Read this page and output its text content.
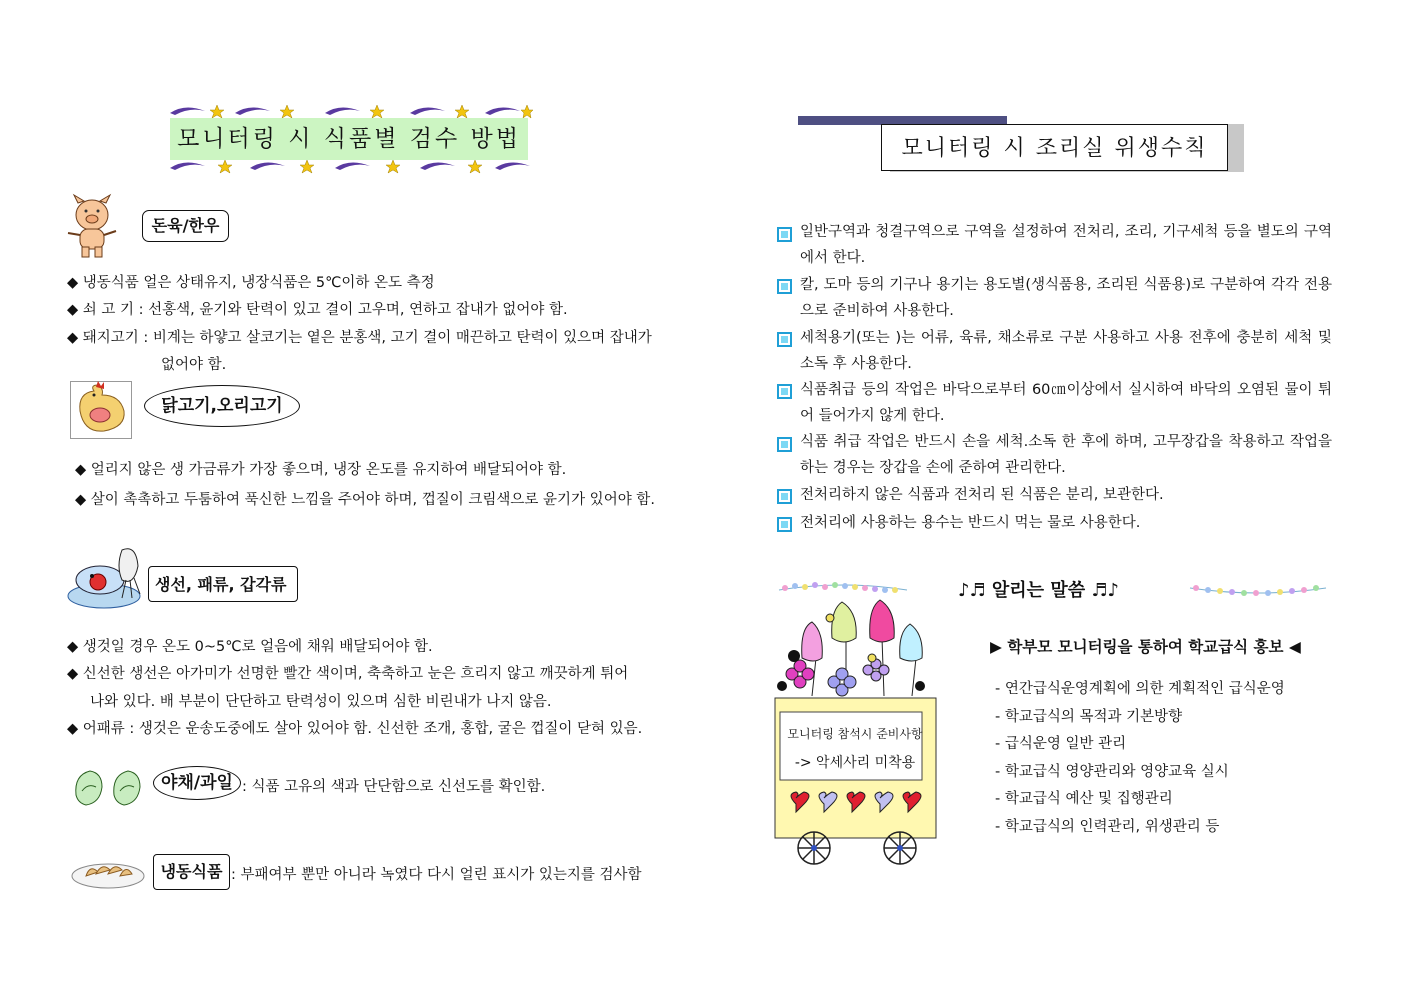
모니터링 시 식품별 검수 방법
돈육/한우
◆ 냉동식품 얼은 상태유지, 냉장식품은 5℃이하 온도 측정
◆ 쇠 고 기 : 선홍색, 윤기와 탄력이 있고 결이 고우며, 연하고 잡내가 없어야 함.
◆ 돼지고기 : 비계는 하얗고 살코기는 옅은 분홍색, 고기 결이 매끈하고 탄력이 있으며 잡내가
없어야 함.
닭고기,오리고기
◆ 얼리지 않은 생 가금류가 가장 좋으며, 냉장 온도를 유지하여 배달되어야 함.
◆ 살이 촉촉하고 두툼하여 푹신한 느낌을 주어야 하며, 껍질이 크림색으로 윤기가 있어야 함.
생선, 패류, 갑각류
◆ 생것일 경우 온도 0~5℃로 얼음에 채워 배달되어야 함.
◆ 신선한 생선은 아가미가 선명한 빨간 색이며, 축축하고 눈은 흐리지 않고 깨끗하게 튀어
나와 있다. 배 부분이 단단하고 탄력성이 있으며 심한 비린내가 나지 않음.
◆ 어패류 : 생것은 운송도중에도 살아 있어야 함. 신선한 조개, 홍합, 굴은 껍질이 닫혀 있음.
야채/과일 : 식품 고유의 색과 단단함으로 신선도를 확인함.
냉동식품 : 부패여부 뿐만 아니라 녹였다 다시 얼린 표시가 있는지를 검사함
모니터링 시 조리실 위생수칙
일반구역과 청결구역으로 구역을 설정하여 전처리, 조리, 기구세척 등을 별도의 구역에서 한다.
칼, 도마 등의 기구나 용기는 용도별(생식품용, 조리된 식품용)로 구분하여 각각 전용으로 준비하여 사용한다.
세척용기(또는 )는 어류, 육류, 채소류로 구분 사용하고 사용 전후에 충분히 세척 및 소독 후 사용한다.
식품취급 등의 작업은 바닥으로부터 60㎝이상에서 실시하여 바닥의 오염된 물이 튀어 들어가지 않게 한다.
식품 취급 작업은 반드시 손을 세척.소독 한 후에 하며, 고무장갑을 착용하고 작업을 하는 경우는 장갑을 손에 준하여 관리한다.
전처리하지 않은 식품과 전처리 된 식품은 분리, 보관한다.
전처리에 사용하는 용수는 반드시 먹는 물로 사용한다.
♪♬ 알리는 말씀 ♬♪
모니터링 참석시 준비사항
-> 악세사리 미착용
▶ 학부모 모니터링을 통하여 학교급식 홍보 ◀
- 연간급식운영계획에 의한 계획적인 급식운영
- 학교급식의 목적과 기본방향
- 급식운영 일반 관리
- 학교급식 영양관리와 영양교육 실시
- 학교급식 예산 및 집행관리
- 학교급식의 인력관리, 위생관리 등
